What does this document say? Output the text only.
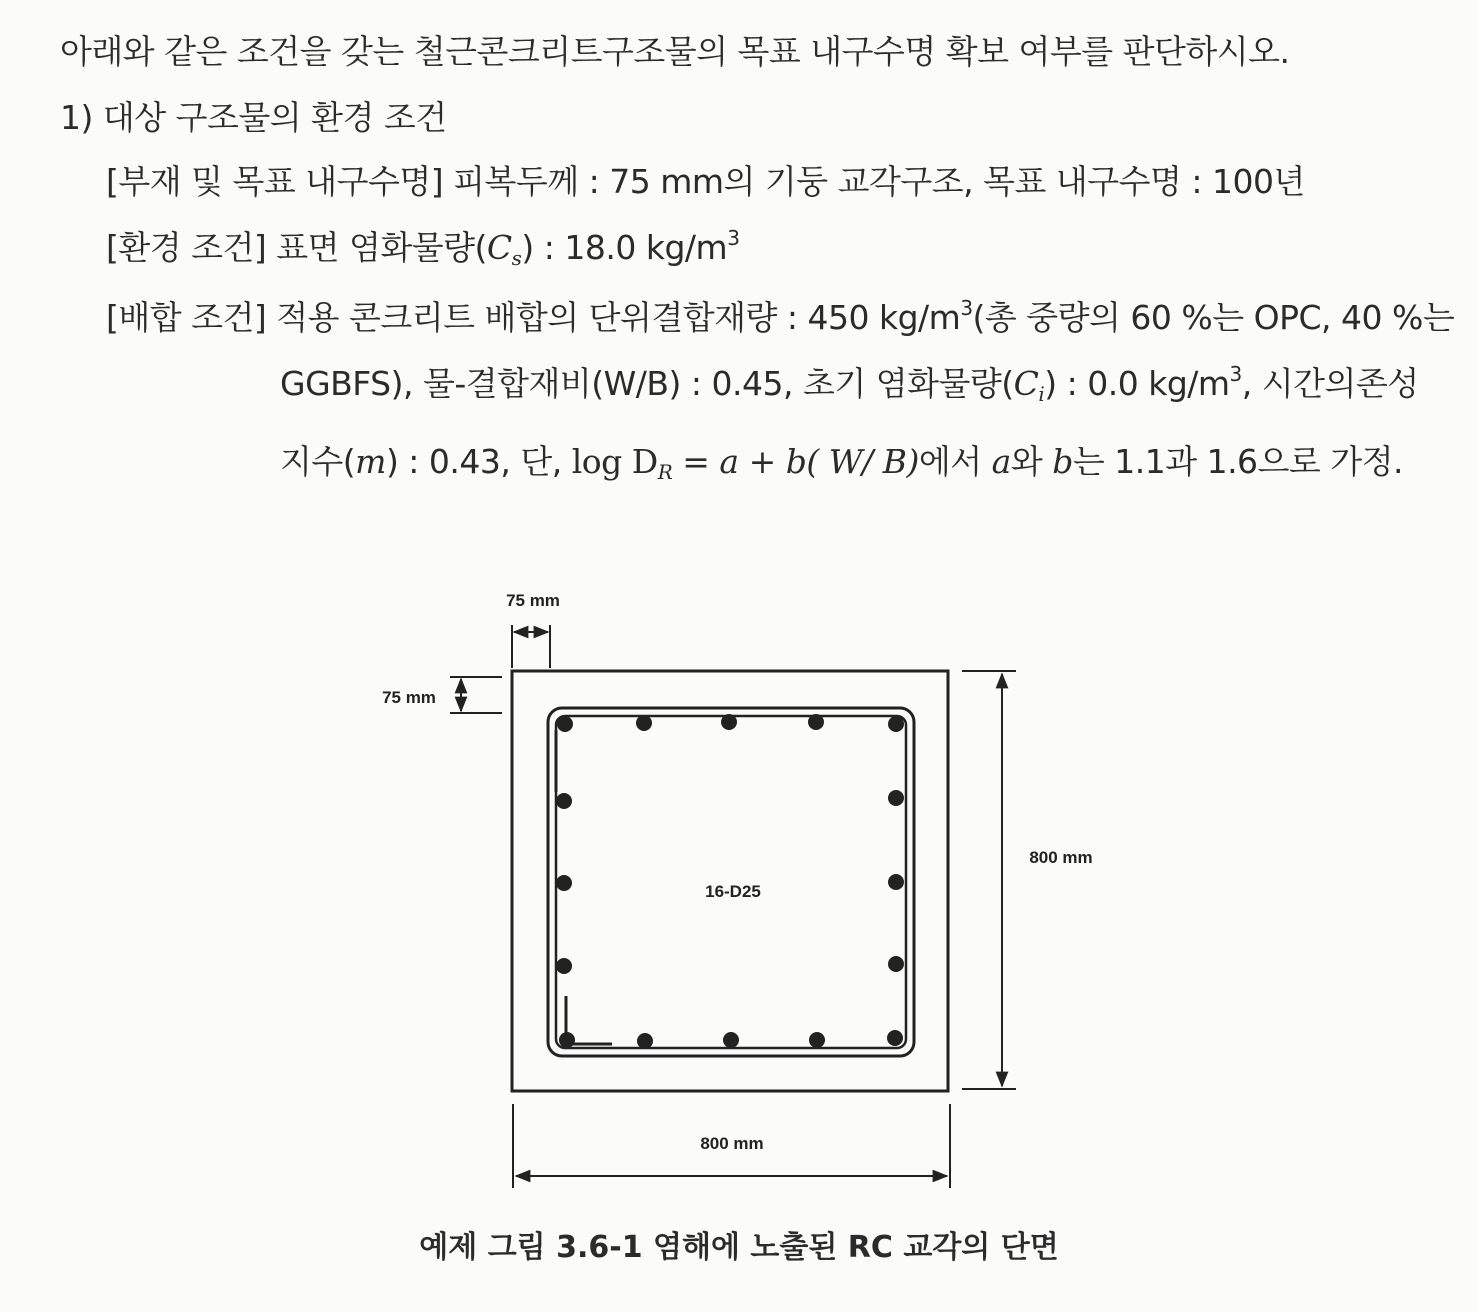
아래와 같은 조건을 갖는 철근콘크리트구조물의 목표 내구수명 확보 여부를 판단하시오.
1) 대상 구조물의 환경 조건
[부재 및 목표 내구수명] 피복두께 : 75 mm의 기둥 교각구조, 목표 내구수명 : 100년
[환경 조건] 표면 염화물량$(C_s)$ : 18.0 $kg/m^3$
[배합 조건] 적용 콘크리트 배합의 단위결합재량 : 450 $kg/m^3$(총 중량의 60 %는 OPC, 40 %는
GGBFS), 물-결합재비(W/B) : 0.45, 초기 염화물량$(C_i)$ : 0.0 $kg/m^3$, 시간의존성
지수(m) : 0.43, 단, $\log D_R = a + b$( W/ B)에서 a와 b는 1.1과 1.6으로 가정.
75 mm
75 mm
800 mm
800 mm
16-D25
예제 그림 3.6-1 염해에 노출된 RC 교각의 단면
